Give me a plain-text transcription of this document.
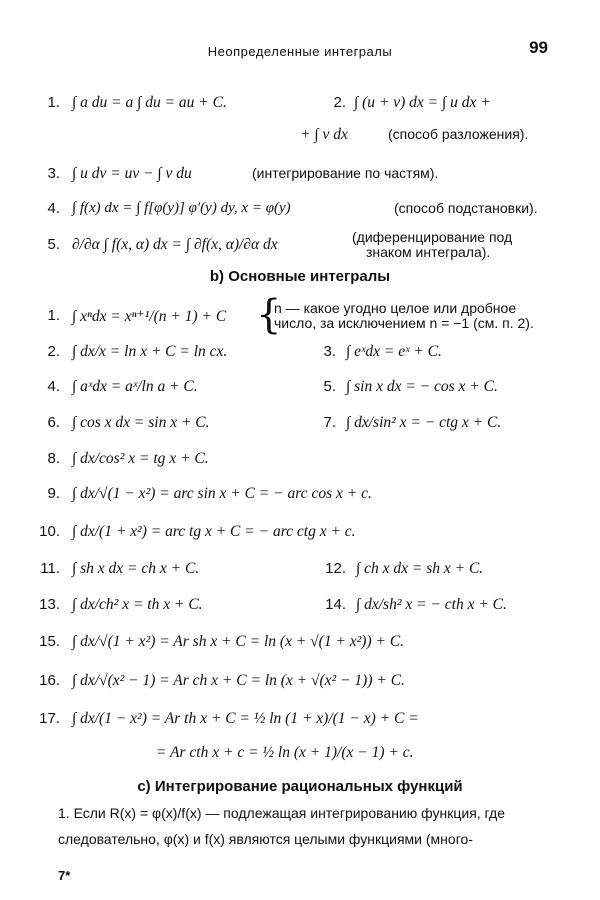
Неопределенные интегралы	99
1. ∫ a du = a ∫ du = au + C.	2. ∫ (u + v) dx = ∫ u dx +
+ ∫ v dx	(способ разложения).
3. ∫ u dv = uv − ∫ v du	(интегрирование по частям).
4. ∫ f(x) dx = ∫ f[φ(y)] φ′(y) dy, x = φ(y)	(способ подстановки).
5. ∂/∂α ∫ f(x, α) dx = ∫ ∂f(x, α)/∂α dx	(диференцирование под
знаком интеграла).
b) Основные интегралы
1. ∫ xⁿdx = xⁿ⁺¹/(n + 1) + C {
n — какое угодно целое или дробное
число, за исключением n = −1 (см. п. 2).
2. ∫ dx/x = ln x + C = ln cx.	3. ∫ eˣdx = eˣ + C.
4. ∫ aˣdx = aˣ/ln a + C.	5. ∫ sin x dx = − cos x + C.
6. ∫ cos x dx = sin x + C.	7. ∫ dx/sin² x = − ctg x + C.
8. ∫ dx/cos² x = tg x + C.
9. ∫ dx/√(1 − x²) = arc sin x + C = − arc cos x + c.
10. ∫ dx/(1 + x²) = arc tg x + C = − arc ctg x + c.
11. ∫ sh x dx = ch x + C.	12. ∫ ch x dx = sh x + C.
13. ∫ dx/ch² x = th x + C.	14. ∫ dx/sh² x = − cth x + C.
15. ∫ dx/√(1 + x²) = Ar sh x + C = ln (x + √(1 + x²)) + C.
16. ∫ dx/√(x² − 1) = Ar ch x + C = ln (x + √(x² − 1)) + C.
17. ∫ dx/(1 − x²) = Ar th x + C = ½ ln (1 + x)/(1 − x) + C =
= Ar cth x + c = ½ ln (x + 1)/(x − 1) + c.
c) Интегрирование рациональных функций
1. Если R(x) = φ(x)/f(x) — подлежащая интегрированию функция, где следовательно, φ(x) и f(x) являются целыми функциями (много-
7*
